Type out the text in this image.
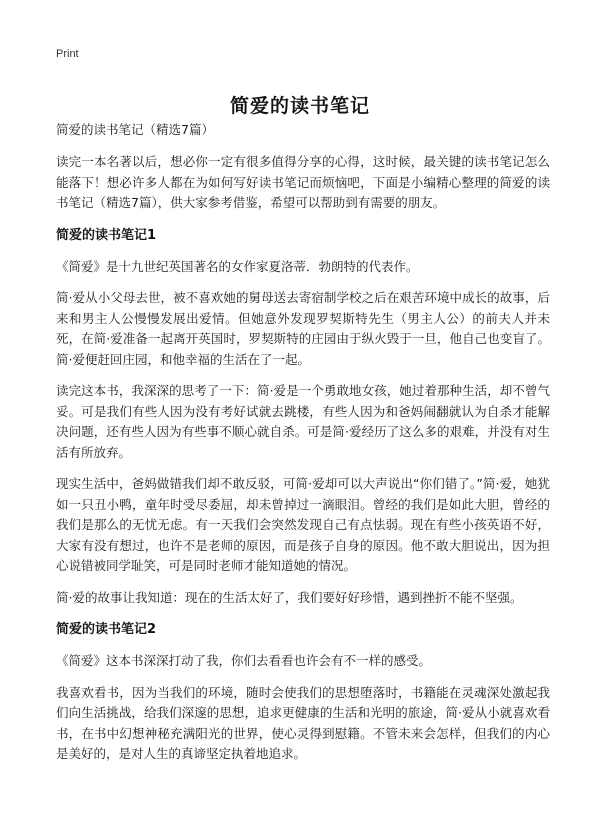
Print
简爱的读书笔记
简爱的读书笔记（精选7篇）

读完一本名著以后，想必你一定有很多值得分享的心得，这时候，最关键的读书笔记怎么能落下！想必许多人都在为如何写好读书笔记而烦恼吧，下面是小编精心整理的简爱的读书笔记（精选7篇），供大家参考借鉴，希望可以帮助到有需要的朋友。

简爱的读书笔记1

《简爱》是十九世纪英国著名的女作家夏洛蒂．勃朗特的代表作。

简·爱从小父母去世，被不喜欢她的舅母送去寄宿制学校之后在艰苦环境中成长的故事，后来和男主人公慢慢发展出爱情。但她意外发现罗契斯特先生（男主人公）的前夫人并未死，在简·爱准备一起离开英国时，罗契斯特的庄园由于纵火毁于一旦，他自己也变盲了。简·爱便赶回庄园，和他幸福的生活在了一起。

读完这本书，我深深的思考了一下：简·爱是一个勇敢地女孩，她过着那种生活，却不曾气妥。可是我们有些人因为没有考好试就去跳楼，有些人因为和爸妈闹翻就认为自杀才能解决问题，还有些人因为有些事不顺心就自杀。可是简·爱经历了这么多的艰难，并没有对生活有所放弃。

现实生活中，爸妈做错我们却不敢反驳，可简·爱却可以大声说出“你们错了。”简·爱，她犹如一只丑小鸭，童年时受尽委屈，却未曾掉过一滴眼泪。曾经的我们是如此大胆，曾经的我们是那么的无忧无虑。有一天我们会突然发现自己有点怯弱。现在有些小孩英语不好，大家有没有想过，也许不是老师的原因，而是孩子自身的原因。他不敢大胆说出，因为担心说错被同学耻笑，可是同时老师才能知道她的情况。

简·爱的故事让我知道：现在的生活太好了，我们要好好珍惜，遇到挫折不能不坚强。

简爱的读书笔记2

《简爱》这本书深深打动了我，你们去看看也许会有不一样的感受。

我喜欢看书，因为当我们的环境，随时会使我们的思想堕落时，书籍能在灵魂深处激起我们向生活挑战，给我们深邃的思想，追求更健康的生活和光明的旅途，简·爱从小就喜欢看书，在书中幻想神秘充满阳光的世界，使心灵得到慰籍。不管未来会怎样，但我们的内心是美好的，是对人生的真谛坚定执着地追求。
